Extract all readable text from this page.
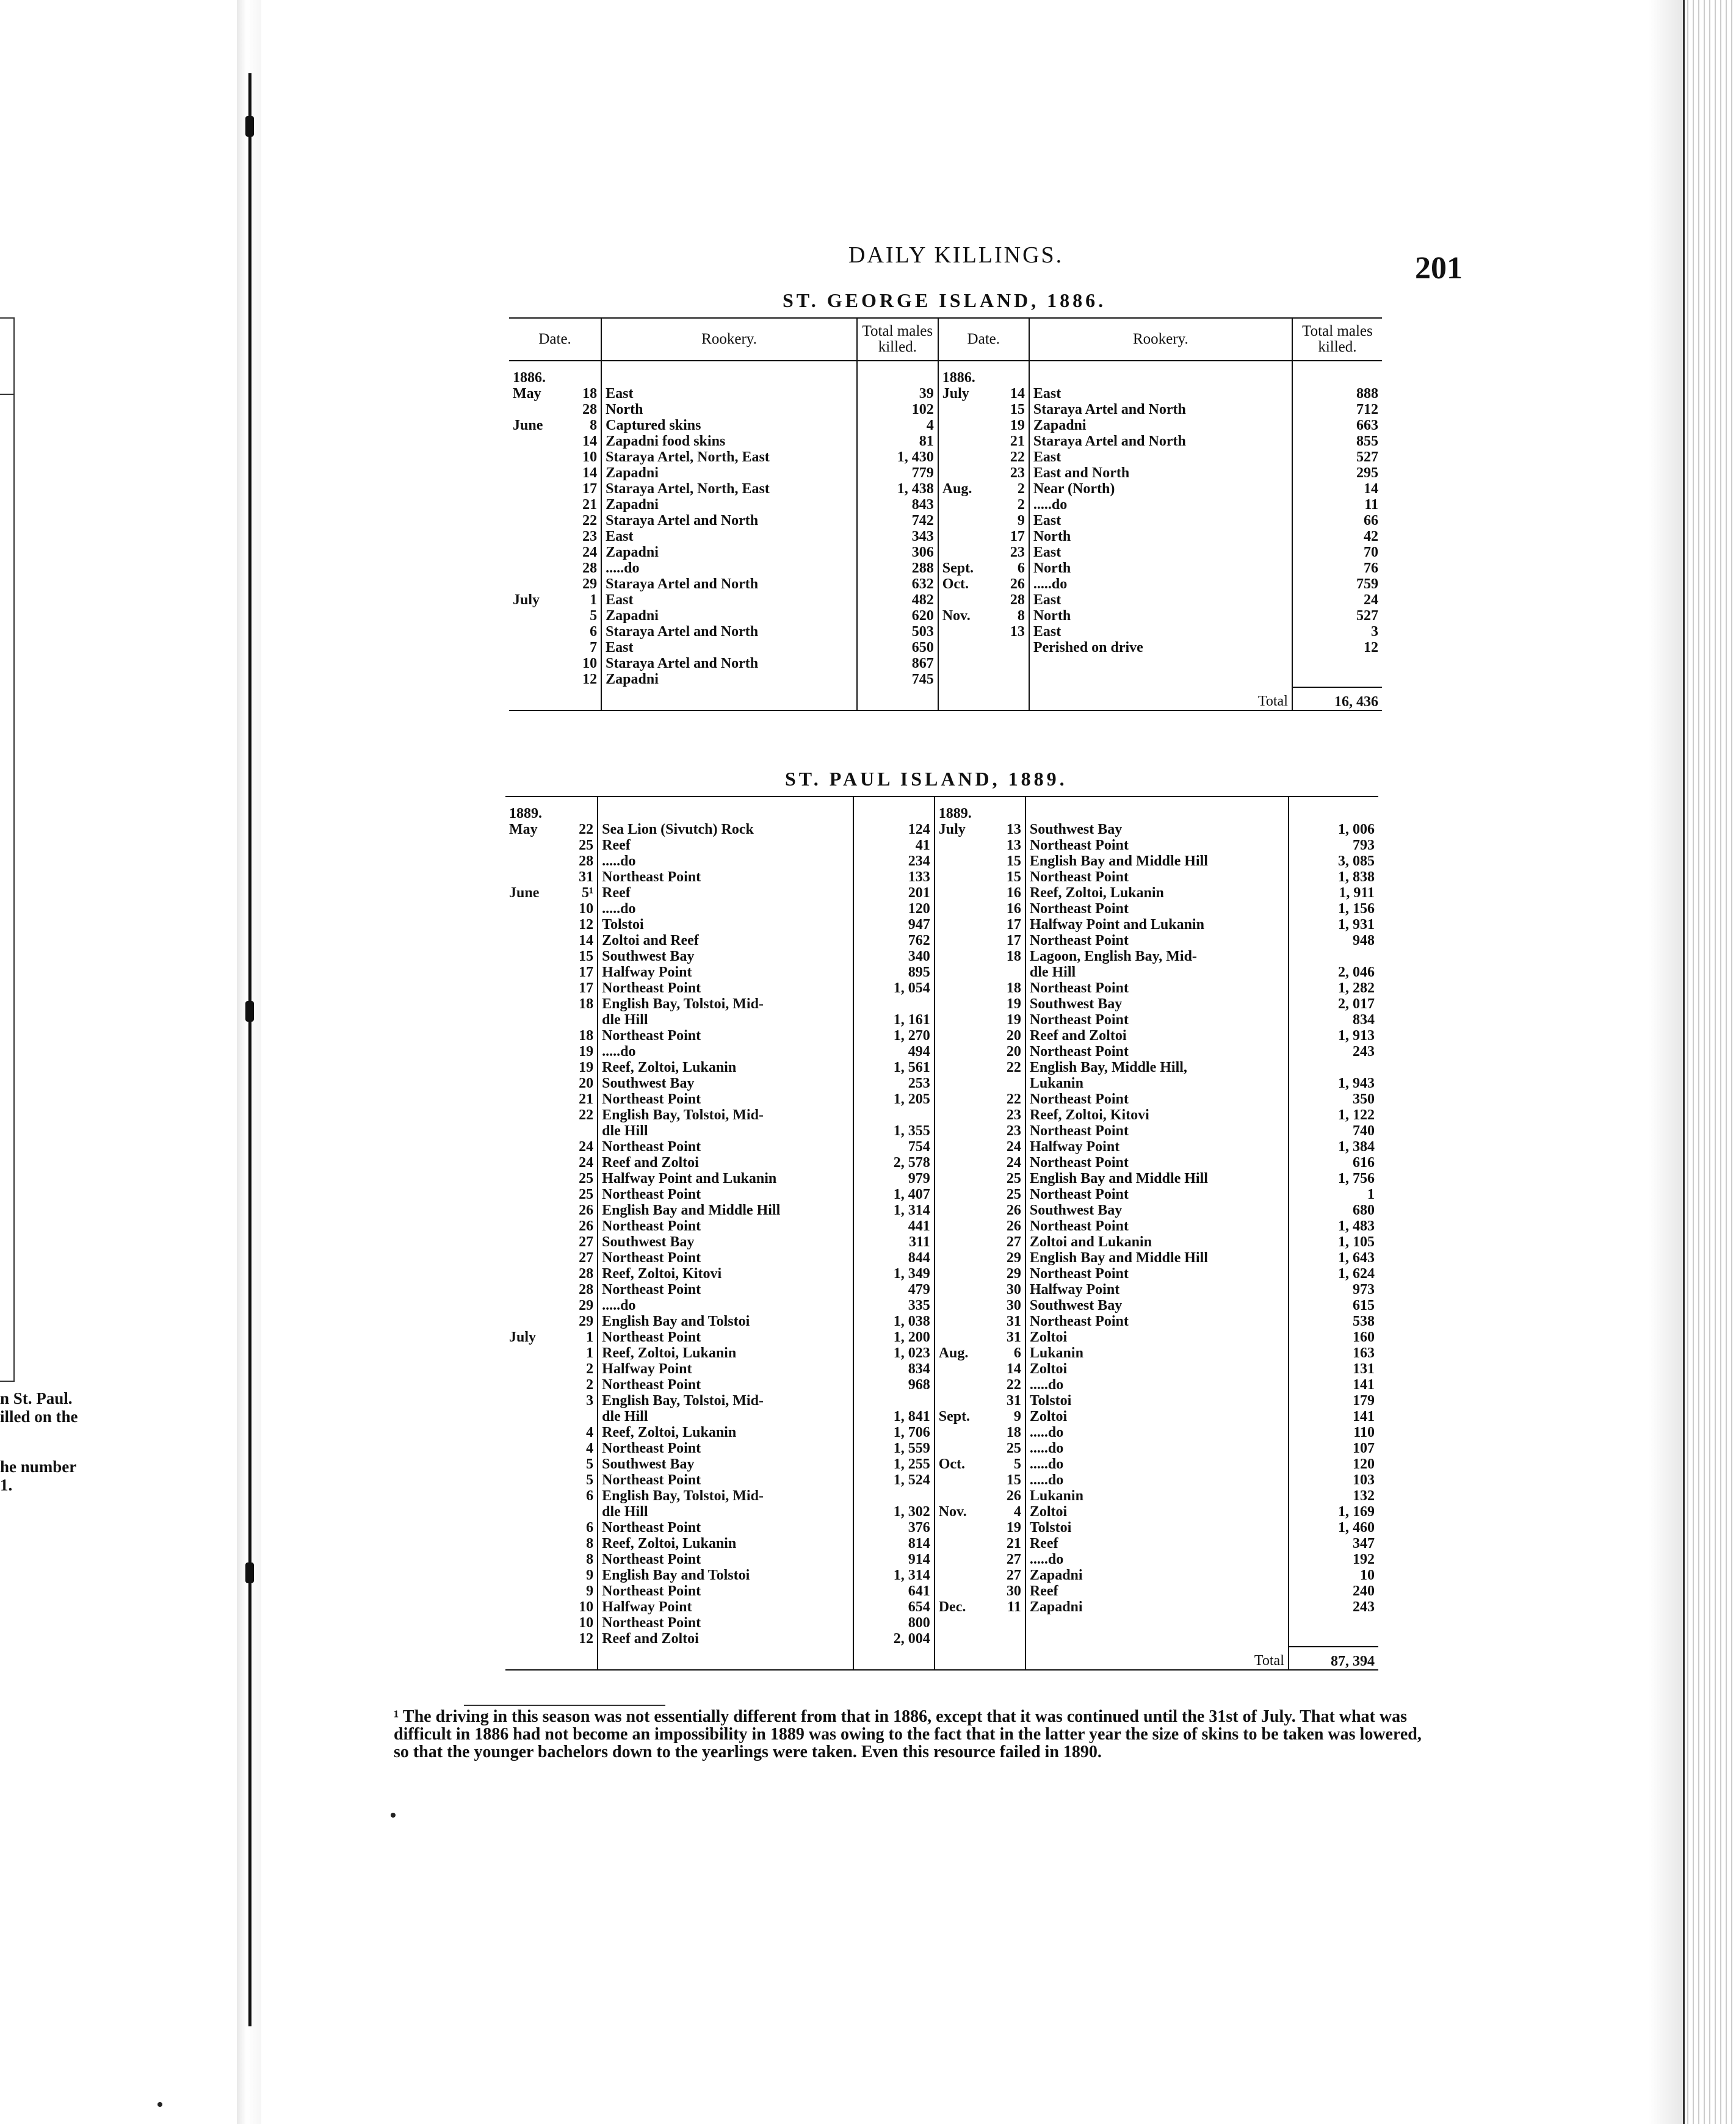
n St. Paul.
illed on the
he number
1.
DAILY KILLINGS.	201
ST. GEORGE ISLAND, 1886.
Date.		Rookery.	Total males killed.	Date.		Rookery.	Total males killed.
1886.				1886.			
May	18	East	39	July	14	East	888
	28	North	102		15	Staraya Artel and North	712
June	8	Captured skins	4		19	Zapadni	663
	14	Zapadni food skins	81		21	Staraya Artel and North	855
	10	Staraya Artel, North, East	1, 430		22	East	527
	14	Zapadni	779		23	East and North	295
	17	Staraya Artel, North, East	1, 438	Aug.	2	Near (North)	14
	21	Zapadni	843		2	.....do	11
	22	Staraya Artel and North	742		9	East	66
	23	East	343		17	North	42
	24	Zapadni	306		23	East	70
	28	.....do	288	Sept.	6	North	76
	29	Staraya Artel and North	632	Oct.	26	.....do	759
July	1	East	482		28	East	24
	5	Zapadni	620	Nov.	8	North	527
	6	Staraya Artel and North	503		13	East	3
	7	East	650			Perished on drive	12
	10	Staraya Artel and North	867				
	12	Zapadni	745				
						Total	16, 436

ST. PAUL ISLAND, 1889.
1889.				1889.			
May	22	Sea Lion (Sivutch) Rock	124	July	13	Southwest Bay	1, 006
	25	Reef	41		13	Northeast Point	793
	28	.....do	234		15	English Bay and Middle Hill	3, 085
	31	Northeast Point	133		15	Northeast Point	1, 838
June	5¹	Reef	201		16	Reef, Zoltoi, Lukanin	1, 911
	10	.....do	120		16	Northeast Point	1, 156
	12	Tolstoi	947		17	Halfway Point and Lukanin	1, 931
	14	Zoltoi and Reef	762		17	Northeast Point	948
	15	Southwest Bay	340		18	Lagoon, English Bay, Mid-	
	17	Halfway Point	895			dle Hill	2, 046
	17	Northeast Point	1, 054		18	Northeast Point	1, 282
	18	English Bay, Tolstoi, Mid-			19	Southwest Bay	2, 017
		dle Hill	1, 161		19	Northeast Point	834
	18	Northeast Point	1, 270		20	Reef and Zoltoi	1, 913
	19	.....do	494		20	Northeast Point	243
	19	Reef, Zoltoi, Lukanin	1, 561		22	English Bay, Middle Hill,	
	20	Southwest Bay	253			Lukanin	1, 943
	21	Northeast Point	1, 205		22	Northeast Point	350
	22	English Bay, Tolstoi, Mid-			23	Reef, Zoltoi, Kitovi	1, 122
		dle Hill	1, 355		23	Northeast Point	740
	24	Northeast Point	754		24	Halfway Point	1, 384
	24	Reef and Zoltoi	2, 578		24	Northeast Point	616
	25	Halfway Point and Lukanin	979		25	English Bay and Middle Hill	1, 756
	25	Northeast Point	1, 407		25	Northeast Point	1
	26	English Bay and Middle Hill	1, 314		26	Southwest Bay	680
	26	Northeast Point	441		26	Northeast Point	1, 483
	27	Southwest Bay	311		27	Zoltoi and Lukanin	1, 105
	27	Northeast Point	844		29	English Bay and Middle Hill	1, 643
	28	Reef, Zoltoi, Kitovi	1, 349		29	Northeast Point	1, 624
	28	Northeast Point	479		30	Halfway Point	973
	29	.....do	335		30	Southwest Bay	615
	29	English Bay and Tolstoi	1, 038		31	Northeast Point	538
July	1	Northeast Point	1, 200		31	Zoltoi	160
	1	Reef, Zoltoi, Lukanin	1, 023	Aug.	6	Lukanin	163
	2	Halfway Point	834		14	Zoltoi	131
	2	Northeast Point	968		22	.....do	141
	3	English Bay, Tolstoi, Mid-			31	Tolstoi	179
		dle Hill	1, 841	Sept.	9	Zoltoi	141
	4	Reef, Zoltoi, Lukanin	1, 706		18	.....do	110
	4	Northeast Point	1, 559		25	.....do	107
	5	Southwest Bay	1, 255	Oct.	5	.....do	120
	5	Northeast Point	1, 524		15	.....do	103
	6	English Bay, Tolstoi, Mid-			26	Lukanin	132
		dle Hill	1, 302	Nov.	4	Zoltoi	1, 169
	6	Northeast Point	376		19	Tolstoi	1, 460
	8	Reef, Zoltoi, Lukanin	814		21	Reef	347
	8	Northeast Point	914		27	.....do	192
	9	English Bay and Tolstoi	1, 314		27	Zapadni	10
	9	Northeast Point	641		30	Reef	240
	10	Halfway Point	654	Dec.	11	Zapadni	243
	10	Northeast Point	800				
	12	Reef and Zoltoi	2, 004				
						Total	87, 394

¹ The driving in this season was not essentially different from that in 1886, except that it was continued until the 31st of July. That what was difficult in 1886 had not become an impossibility in 1889 was owing to the fact that in the latter year the size of skins to be taken was lowered, so that the younger bachelors down to the yearlings were taken. Even this resource failed in 1890.
